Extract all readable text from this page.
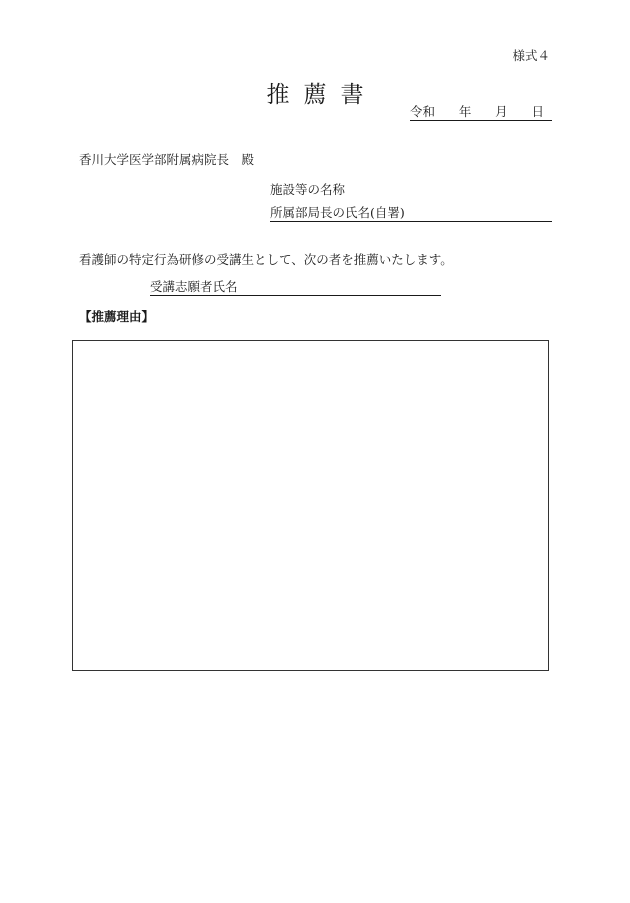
様式４
推薦書
令和 年 月 日
香川大学医学部附属病院長　殿
施設等の名称
所属部局長の氏名(自署)
看護師の特定行為研修の受講生として、次の者を推薦いたします。
受講志願者氏名
【推薦理由】
